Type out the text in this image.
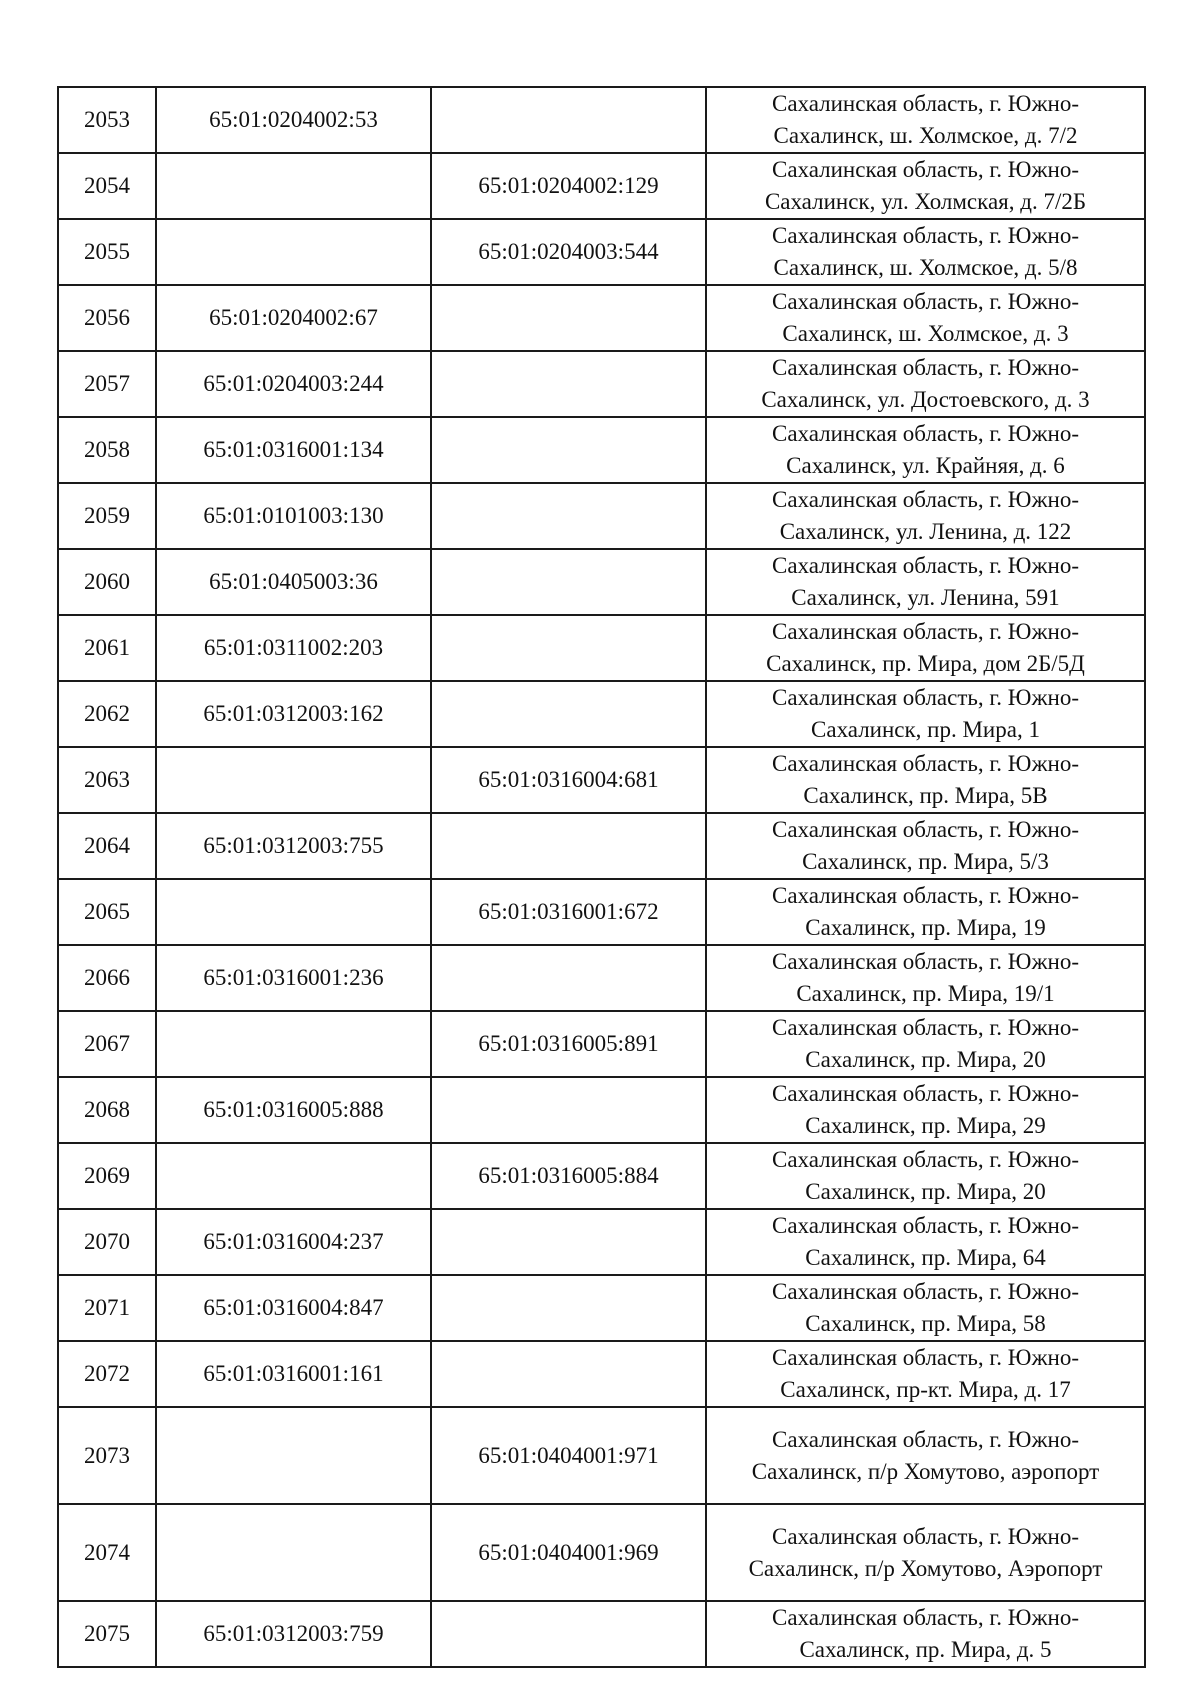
2053	65:01:0204002:53		Сахалинская область, г. Южно-
Сахалинск, ш. Холмское, д. 7/2

2054		65:01:0204002:129	Сахалинская область, г. Южно-
Сахалинск, ул. Холмская, д. 7/2Б

2055		65:01:0204003:544	Сахалинская область, г. Южно-
Сахалинск, ш. Холмское, д. 5/8

2056	65:01:0204002:67		Сахалинская область, г. Южно-
Сахалинск, ш. Холмское, д. 3

2057	65:01:0204003:244		Сахалинская область, г. Южно-
Сахалинск, ул. Достоевского, д. 3

2058	65:01:0316001:134		Сахалинская область, г. Южно-
Сахалинск, ул. Крайняя, д. 6

2059	65:01:0101003:130		Сахалинская область, г. Южно-
Сахалинск, ул. Ленина, д. 122

2060	65:01:0405003:36		Сахалинская область, г. Южно-
Сахалинск, ул. Ленина, 591

2061	65:01:0311002:203		Сахалинская область, г. Южно-
Сахалинск, пр. Мира, дом 2Б/5Д

2062	65:01:0312003:162		Сахалинская область, г. Южно-
Сахалинск, пр. Мира, 1

2063		65:01:0316004:681	Сахалинская область, г. Южно-
Сахалинск, пр. Мира, 5В

2064	65:01:0312003:755		Сахалинская область, г. Южно-
Сахалинск, пр. Мира, 5/3

2065		65:01:0316001:672	Сахалинская область, г. Южно-
Сахалинск, пр. Мира, 19

2066	65:01:0316001:236		Сахалинская область, г. Южно-
Сахалинск, пр. Мира, 19/1

2067		65:01:0316005:891	Сахалинская область, г. Южно-
Сахалинск, пр. Мира, 20

2068	65:01:0316005:888		Сахалинская область, г. Южно-
Сахалинск, пр. Мира, 29

2069		65:01:0316005:884	Сахалинская область, г. Южно-
Сахалинск, пр. Мира, 20

2070	65:01:0316004:237		Сахалинская область, г. Южно-
Сахалинск, пр. Мира, 64

2071	65:01:0316004:847		Сахалинская область, г. Южно-
Сахалинск, пр. Мира, 58

2072	65:01:0316001:161		Сахалинская область, г. Южно-
Сахалинск, пр-кт. Мира, д. 17

2073		65:01:0404001:971	Сахалинская область, г. Южно-
Сахалинск, п/р Хомутово, аэропорт

2074		65:01:0404001:969	Сахалинская область, г. Южно-
Сахалинск, п/р Хомутово, Аэропорт

2075	65:01:0312003:759		Сахалинская область, г. Южно-
Сахалинск, пр. Мира, д. 5
